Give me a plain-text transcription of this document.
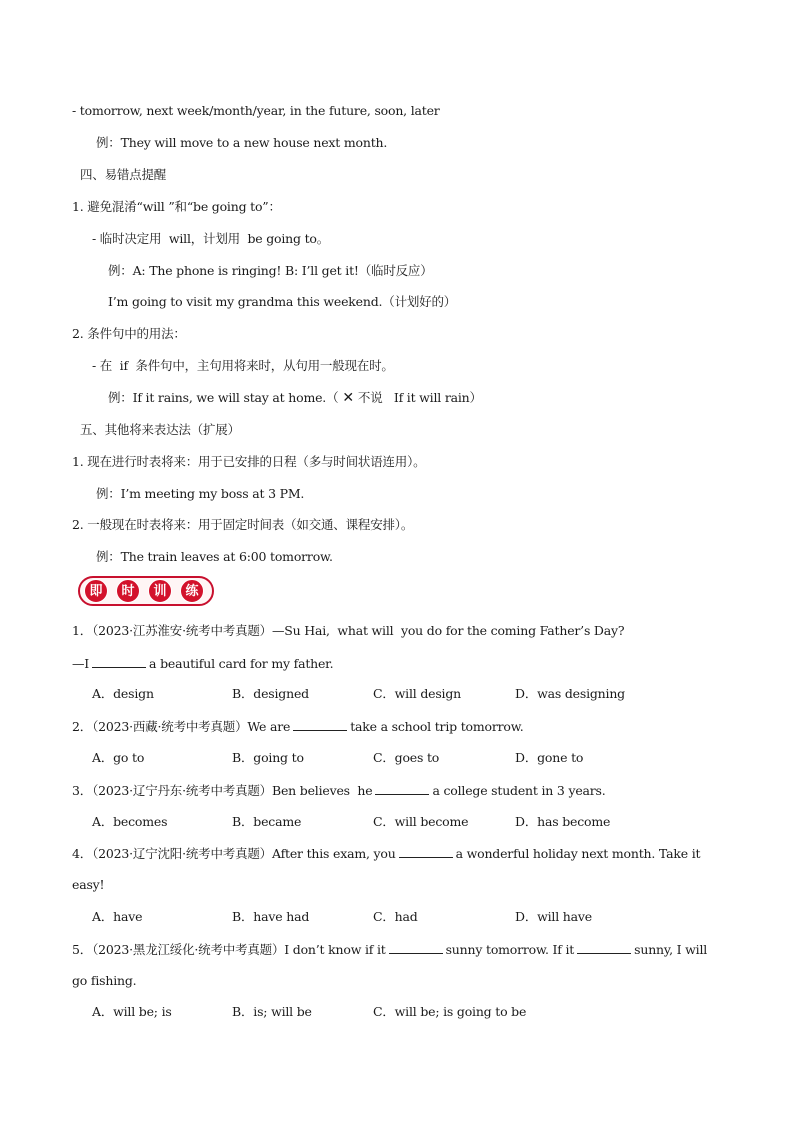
- tomorrow, next week/month/year, in the future, soon, later
例：They will move to a new house next month.
四、易错点提醒
1. 避免混淆“will ”和“be going to”：
- 临时决定用  will，计划用  be going to。
例：A: The phone is ringing! B: I’ll get it!（临时反应）
I’m going to visit my grandma this weekend.（计划好的）
2. 条件句中的用法：
- 在  if  条件句中，主句用将来时，从句用一般现在时。
例：If it rains, we will stay at home.（ ✕ 不说   If it will rain）
五、其他将来表达法（扩展）
1. 现在进行时表将来：用于已安排的日程（多与时间状语连用）。
例：I’m meeting my boss at 3 PM.
2. 一般现在时表将来：用于固定时间表（如交通、课程安排）。
例：The train leaves at 6:00 tomorrow.
即	时	训	练
1．（2023·江苏淮安·统考中考真题）—Su Hai,  what will  you do for the coming Father’s Day?
—I	a beautiful card for my father.
A．design	B．designed	C．will design	D．was designing
2．（2023·西藏·统考中考真题）We are	take a school trip tomorrow.
A．go to	B．going to	C．goes to	D．gone to
3．（2023·辽宁丹东·统考中考真题）Ben believes  he	a college student in 3 years.
A．becomes	B．became	C．will become	D．has become
4．（2023·辽宁沈阳·统考中考真题）After this exam, you	a wonderful holiday next month. Take it
easy!
A．have	B．have had	C．had	D．will have
5．（2023·黑龙江绥化·统考中考真题）I don’t know if it	sunny tomorrow. If it	sunny, I will
go fishing.
A．will be; is	B．is; will be	C．will be; is going to be
